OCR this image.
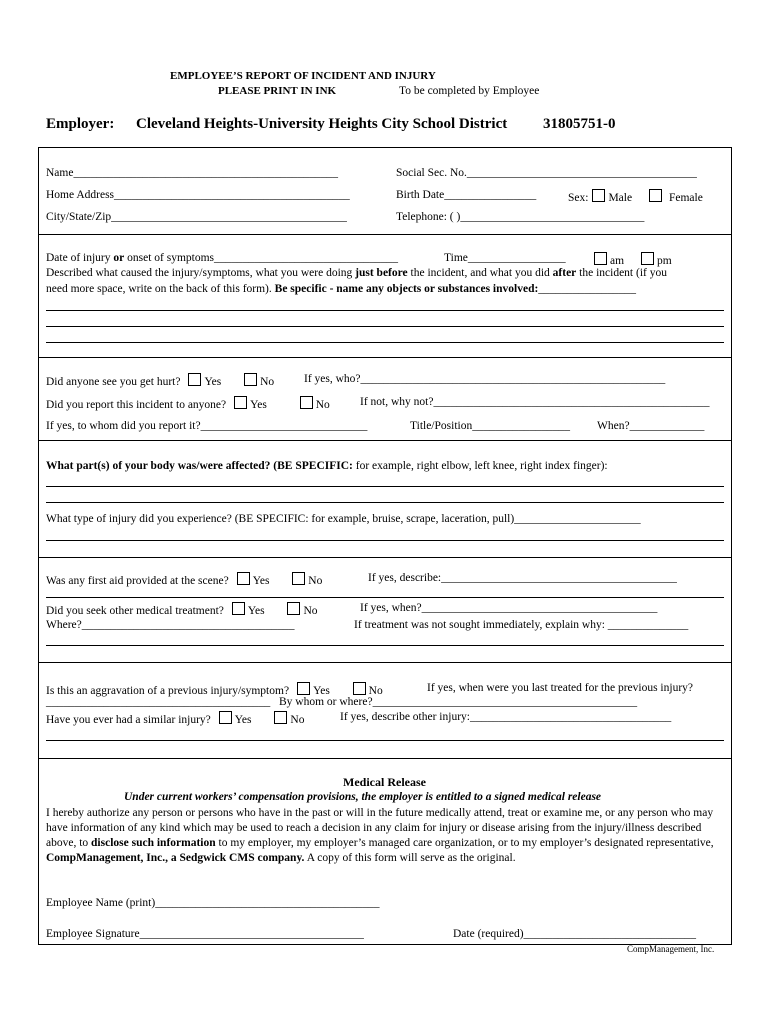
EMPLOYEE’S REPORT OF INCIDENT AND INJURY
PLEASE PRINT IN INK	To be completed by Employee
Employer: Cleveland Heights-University Heights City School District 31805751-0
Name______________________________________________	Social Sec. No.________________________________________
Home Address_________________________________________	Birth Date________________	Sex: Male	Female
City/State/Zip_________________________________________	Telephone: ( )________________________________
Date of injury or onset of symptoms________________________________	Time_________________	am	pm
Described what caused the injury/symptoms, what you were doing just before the incident, and what you did after the incident (if you
need more space, write on the back of this form). Be specific - name any objects or substances involved:_________________
Did anyone see you get hurt? Yes	No	If yes, who?_____________________________________________________
Did you report this incident to anyone? Yes	No	If not, why not?________________________________________________
If yes, to whom did you report it?_____________________________	Title/Position_________________ When?_____________
What part(s) of your body was/were affected? (BE SPECIFIC: for example, right elbow, left knee, right index finger):
What type of injury did you experience? (BE SPECIFIC: for example, bruise, scrape, laceration, pull)______________________
Was any first aid provided at the scene? Yes	No	If yes, describe:_________________________________________
Did you seek other medical treatment? Yes	No	If yes, when?_________________________________________
Where?_____________________________________	If treatment was not sought immediately, explain why: ______________
Is this an aggravation of a previous injury/symptom? Yes	No	If yes, when were you last treated for the previous injury?
_______________________________________ By whom or where?______________________________________________
Have you ever had a similar injury? Yes	No	If yes, describe other injury:___________________________________
Medical Release
Under current workers’ compensation provisions, the employer is entitled to a signed medical release
I hereby authorize any person or persons who have in the past or will in the future medically attend, treat or examine me, or any person who may have information of any kind which may be used to reach a decision in any claim for injury or disease arising from the injury/illness described above, to disclose such information to my employer, my employer’s managed care organization, or to my employer’s designated representative, CompManagement, Inc., a Sedgwick CMS company. A copy of this form will serve as the original.
Employee Name (print)_______________________________________
Employee Signature_______________________________________	Date (required)______________________________
CompManagement, Inc.
